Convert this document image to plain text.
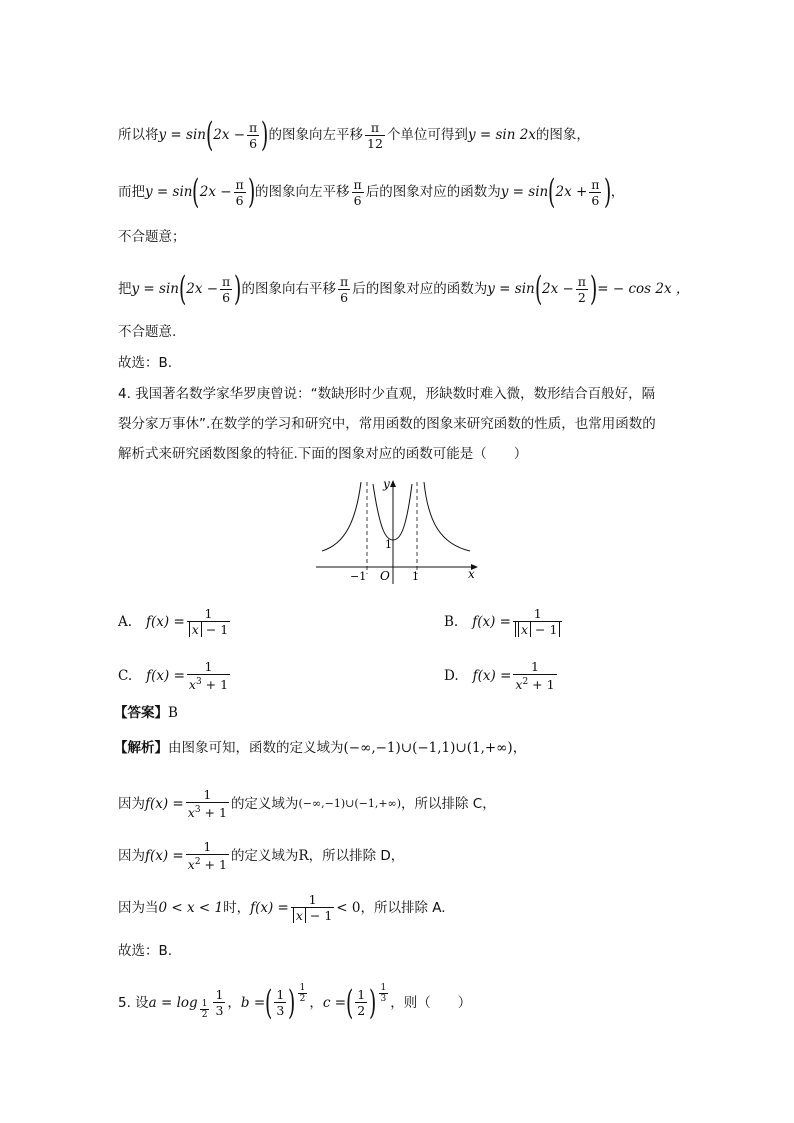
所以将 y = sin ( $2x - \frac{\pi}{6}$ ) 的图象向左平移 $\frac{\pi}{12}$ 个单位可得到 y = sin 2x 的图象，
而把 y = sin ( $2x - \frac{\pi}{6}$ ) 的图象向左平移 $\frac{\pi}{6}$ 后的图象对应的函数为 y = sin ( $2x + \frac{\pi}{6}$ ) ，
不合题意；
把 y = sin ( $2x - \frac{\pi}{6}$ ) 的图象向右平移 $\frac{\pi}{6}$ 后的图象对应的函数为 y = sin ( $2x - \frac{\pi}{2}$ ) = − cos 2x ，
不合题意.
故选：B.
4. 我国著名数学家华罗庚曾说：“数缺形时少直观，形缺数时难入微，数形结合百般好，隔
裂分家万事休”.在数学的学习和研究中，常用函数的图象来研究函数的性质，也常用函数的
解析式来研究函数图象的特征.下面的图象对应的函数可能是（　　）
y
x
O
−1	1
1
A. $f(x) = \frac{1}{x - 1}$	B. $f(x) = \frac{1}{x - 1}$
C. $f(x) = \frac{1}{x^3 + 1}$	D. $f(x) = \frac{1}{x^2 + 1}$
【答案】 B
【解析】 由图象可知，函数的定义域为 (−∞,−1)∪(−1,1)∪(1,+∞)，
因为 $f(x) = \frac{1}{x^3 + 1}$ 的定义域为 (−∞,−1)∪(−1,+∞) ，所以排除 C，
因为 $f(x) = \frac{1}{x^2 + 1}$ 的定义域为 R ，所以排除 D，
因为当 0 < x < 1 时， $f(x) = \frac{1}{x - 1} < 0$ ，所以排除 A.
故选：B.
5. 设 $a = \log \frac{1}{2} \frac{1}{3}$ ， b = ( $\frac{1}{3}$ ) $\frac{1}{2}$ ， c = ( $\frac{1}{2}$ ) $\frac{1}{3}$ ，则（　　）
